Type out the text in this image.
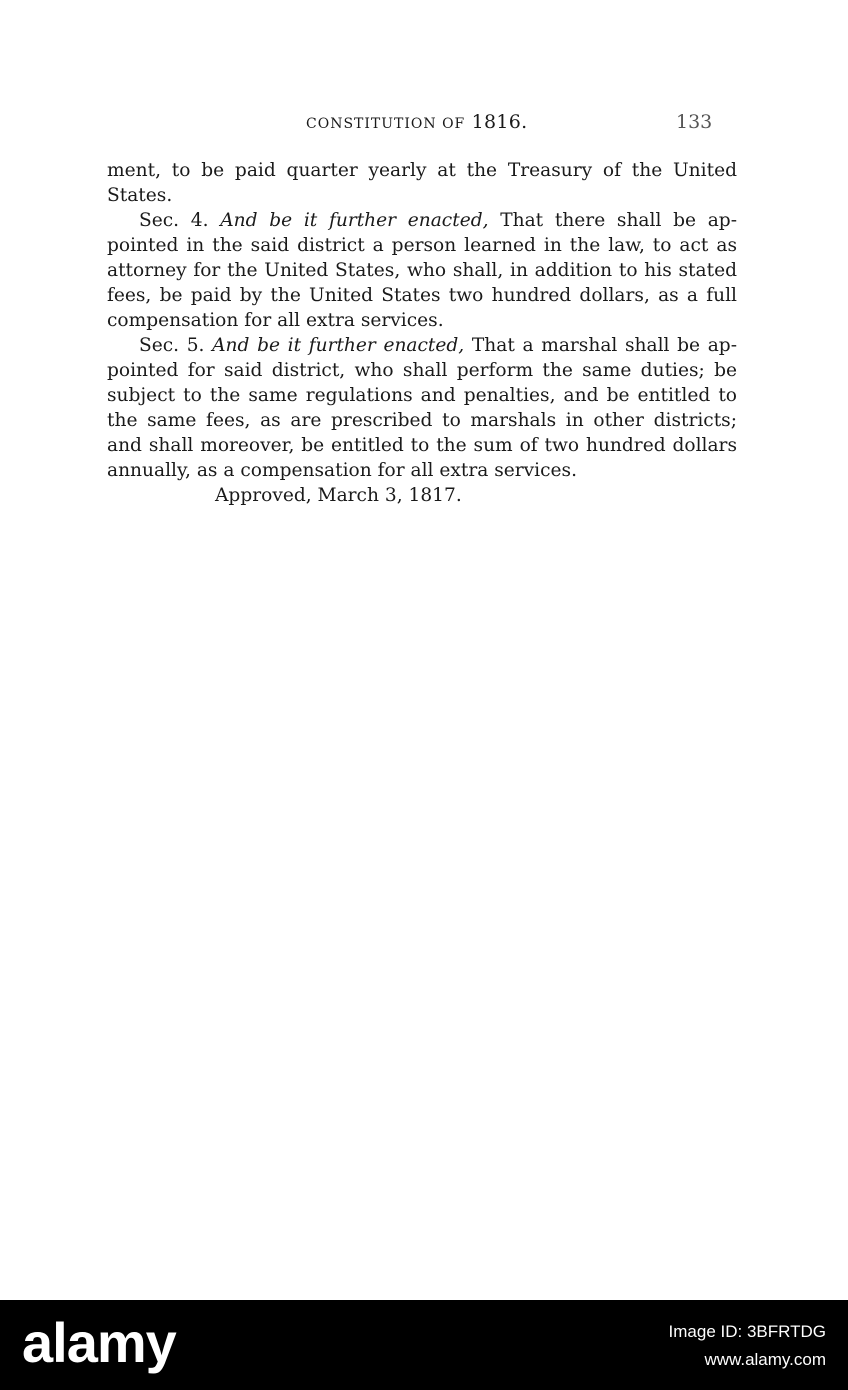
CONSTITUTION OF 1816.	133
ment, to be paid quarter yearly at the Treasury of the United
States.
Sec. 4. And be it further enacted, That there shall be ap-
pointed in the said district a person learned in the law, to act as
attorney for the United States, who shall, in addition to his stated
fees, be paid by the United States two hundred dollars, as a full
compensation for all extra services.
Sec. 5. And be it further enacted, That a marshal shall be ap-
pointed for said district, who shall perform the same duties; be
subject to the same regulations and penalties, and be entitled to
the same fees, as are prescribed to marshals in other districts;
and shall moreover, be entitled to the sum of two hundred dollars
annually, as a compensation for all extra services.
Approved, March 3, 1817.
alamy	Image ID: 3BFRTDG
www.alamy.com
